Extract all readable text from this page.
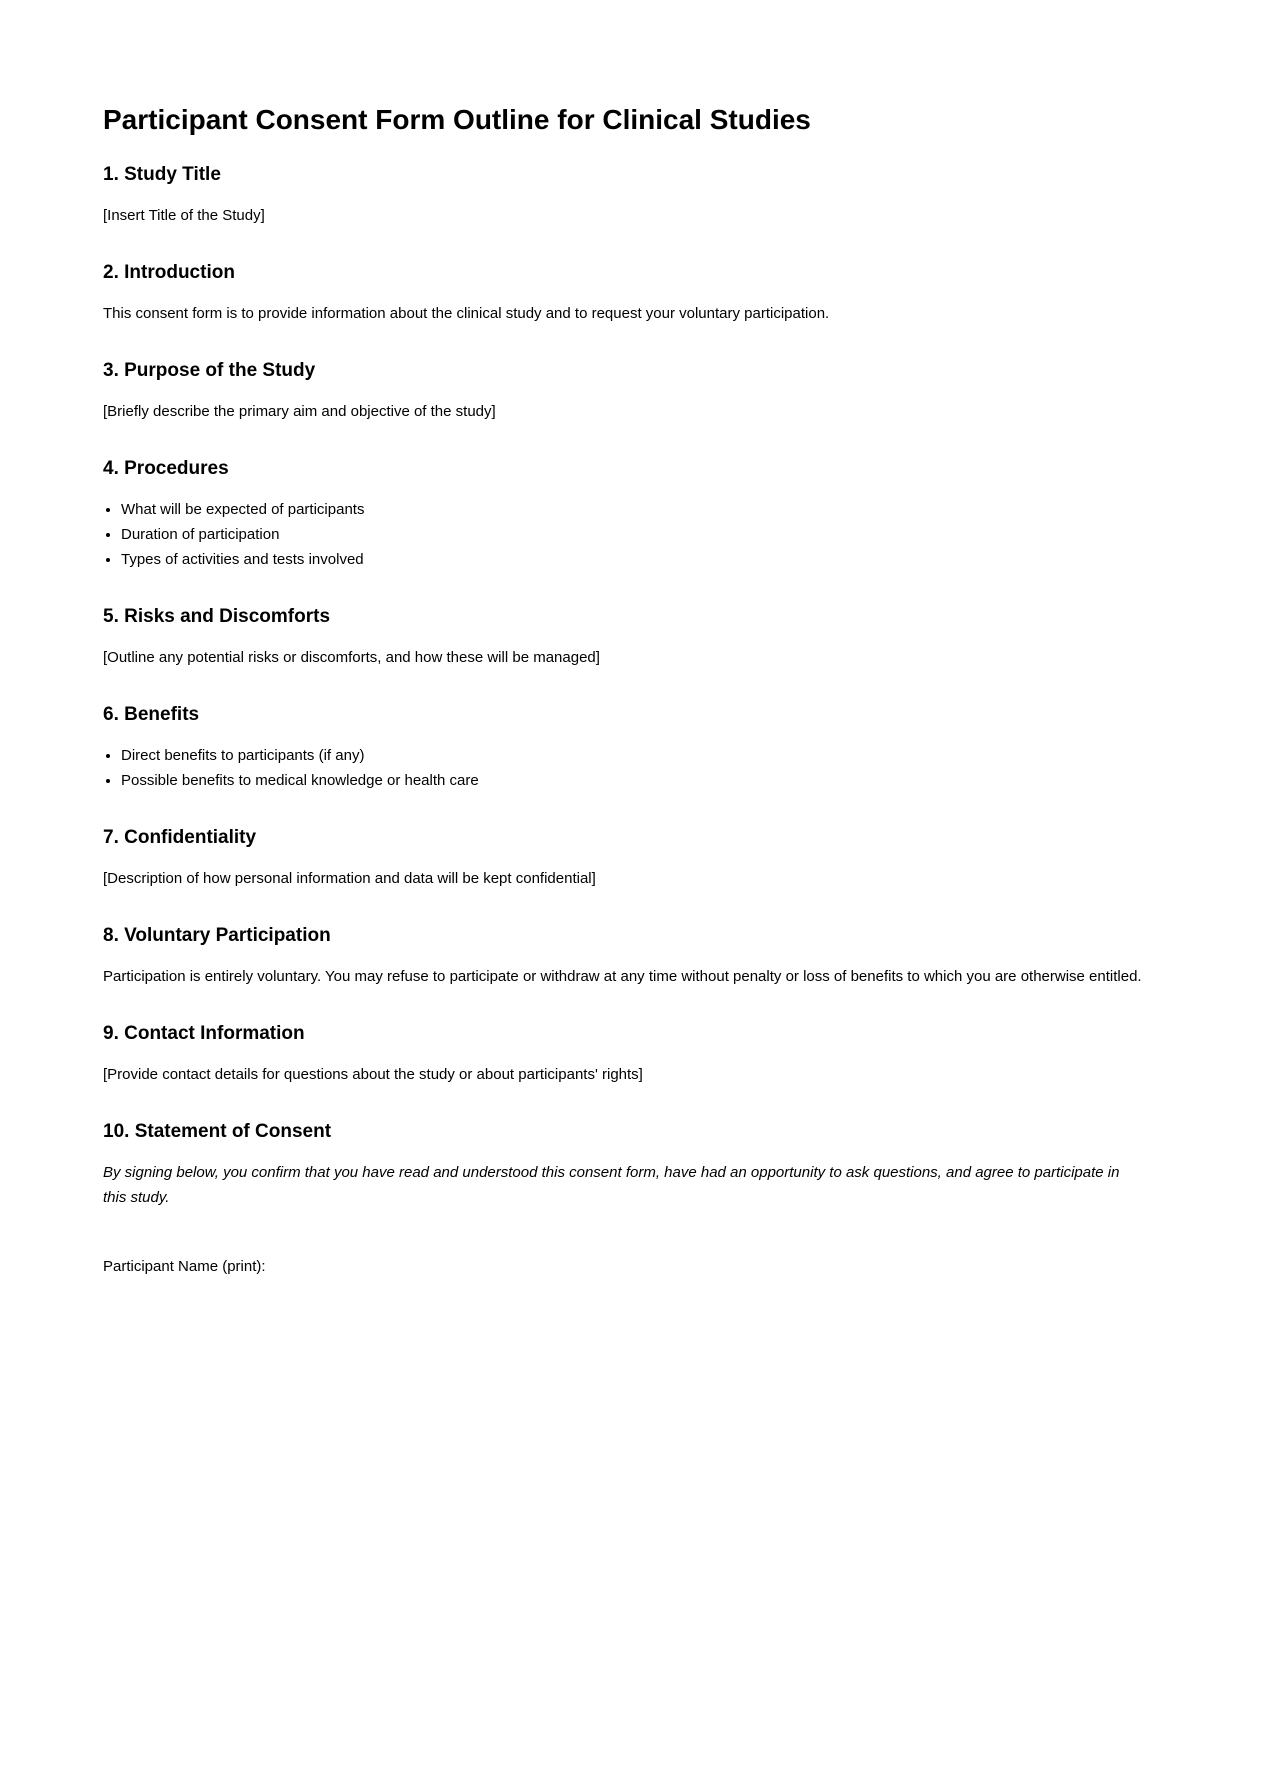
Participant Consent Form Outline for Clinical Studies
1. Study Title

[Insert Title of the Study]

2. Introduction

This consent form is to provide information about the clinical study and to request your voluntary participation.

3. Purpose of the Study

[Briefly describe the primary aim and objective of the study]

4. Procedures
• What will be expected of participants
• Duration of participation
• Types of activities and tests involved
5. Risks and Discomforts

[Outline any potential risks or discomforts, and how these will be managed]

6. Benefits
• Direct benefits to participants (if any)
• Possible benefits to medical knowledge or health care
7. Confidentiality

[Description of how personal information and data will be kept confidential]

8. Voluntary Participation

Participation is entirely voluntary. You may refuse to participate or withdraw at any time without penalty or loss of benefits to which you are otherwise entitled.

9. Contact Information

[Provide contact details for questions about the study or about participants' rights]

10. Statement of Consent

By signing below, you confirm that you have read and understood this consent form, have had an opportunity to ask questions, and agree to participate in this study.

Participant Name (print):
